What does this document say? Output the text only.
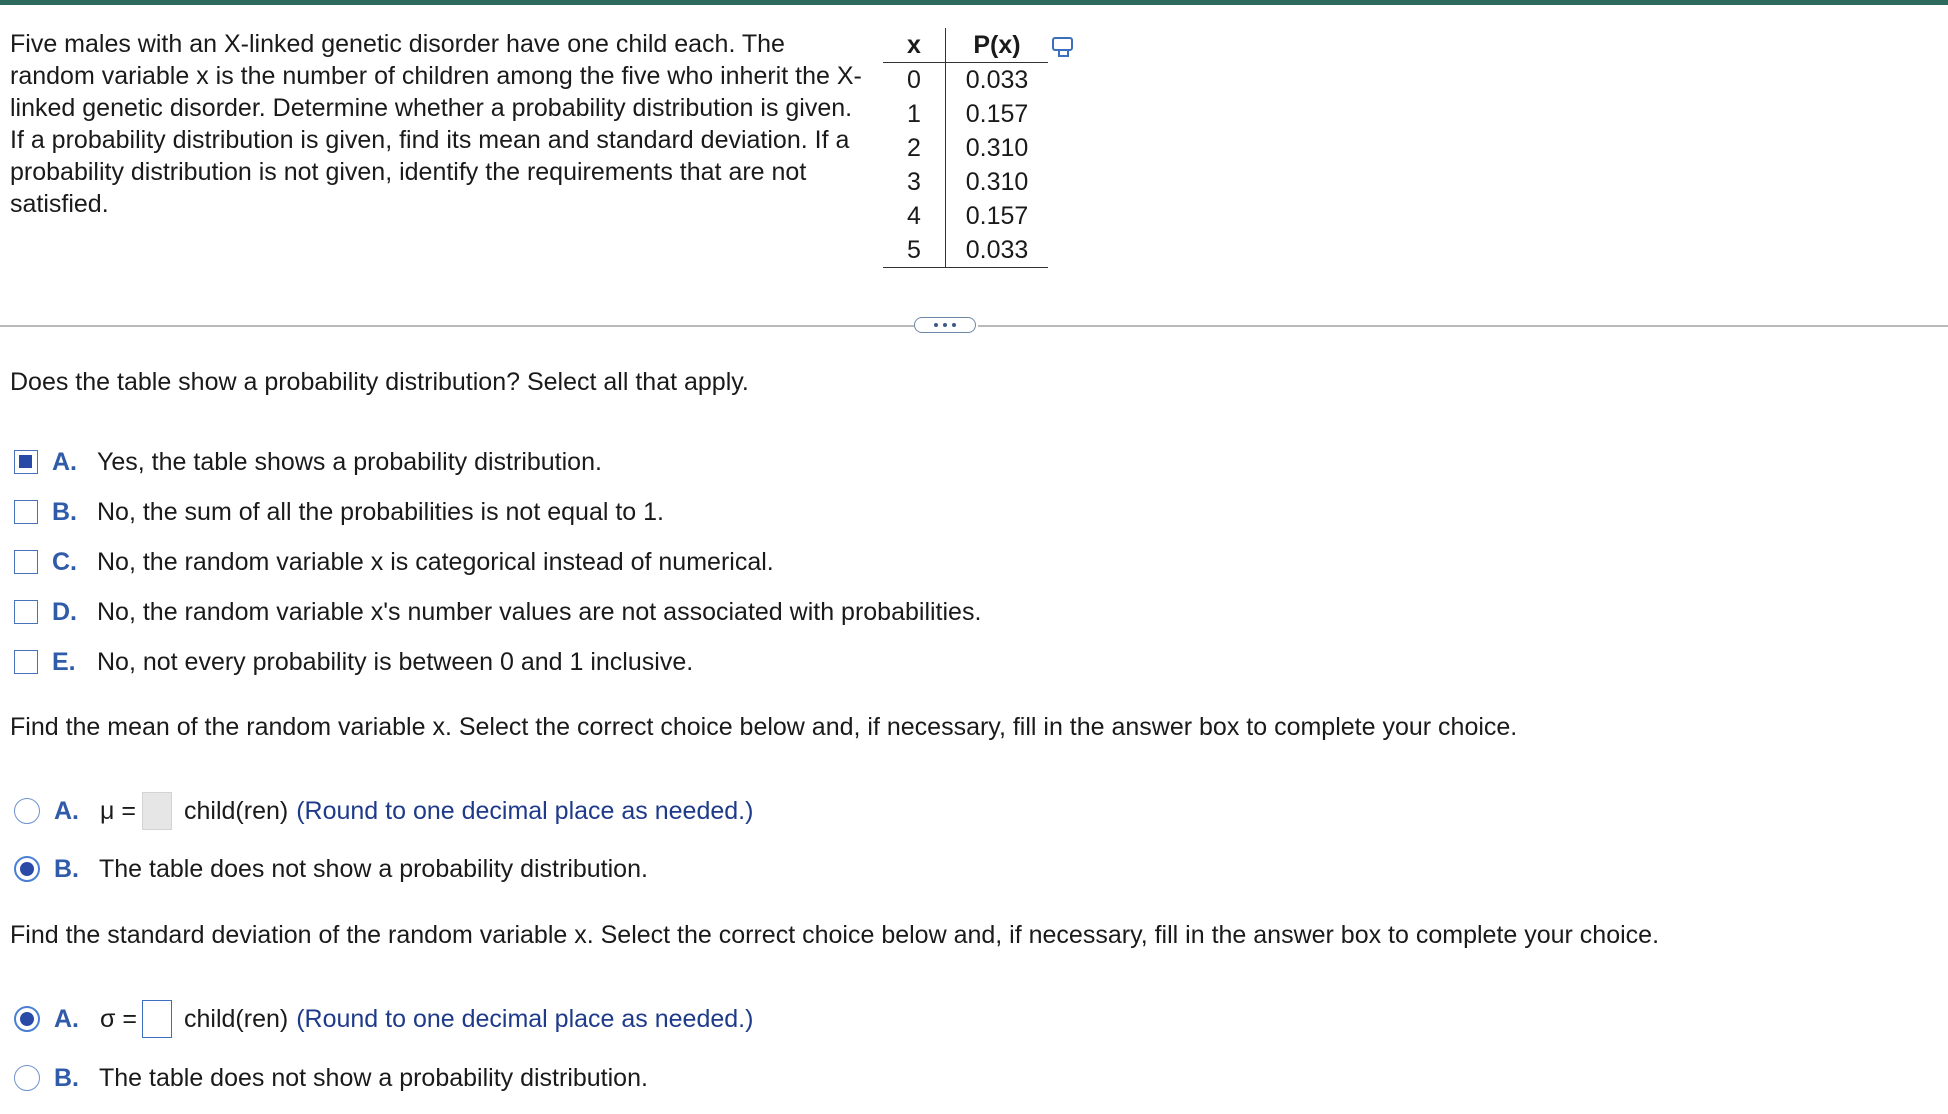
Five males with an X-linked genetic disorder have one child each. The random variable x is the number of children among the five who inherit the X-linked genetic disorder. Determine whether a probability distribution is given. If a probability distribution is given, find its mean and standard deviation. If a probability distribution is not given, identify the requirements that are not satisfied.
x	P(x)
0	0.033
1	0.157
2	0.310
3	0.310
4	0.157
5	0.033
Does the table show a probability distribution? Select all that apply.
A. Yes, the table shows a probability distribution.
B. No, the sum of all the probabilities is not equal to 1.
C. No, the random variable x is categorical instead of numerical.
D. No, the random variable x's number values are not associated with probabilities.
E. No, not every probability is between 0 and 1 inclusive.
Find the mean of the random variable x. Select the correct choice below and, if necessary, fill in the answer box to complete your choice.
A. μ = child(ren) (Round to one decimal place as needed.)
B. The table does not show a probability distribution.
Find the standard deviation of the random variable x. Select the correct choice below and, if necessary, fill in the answer box to complete your choice.
A. σ = child(ren) (Round to one decimal place as needed.)
B. The table does not show a probability distribution.
